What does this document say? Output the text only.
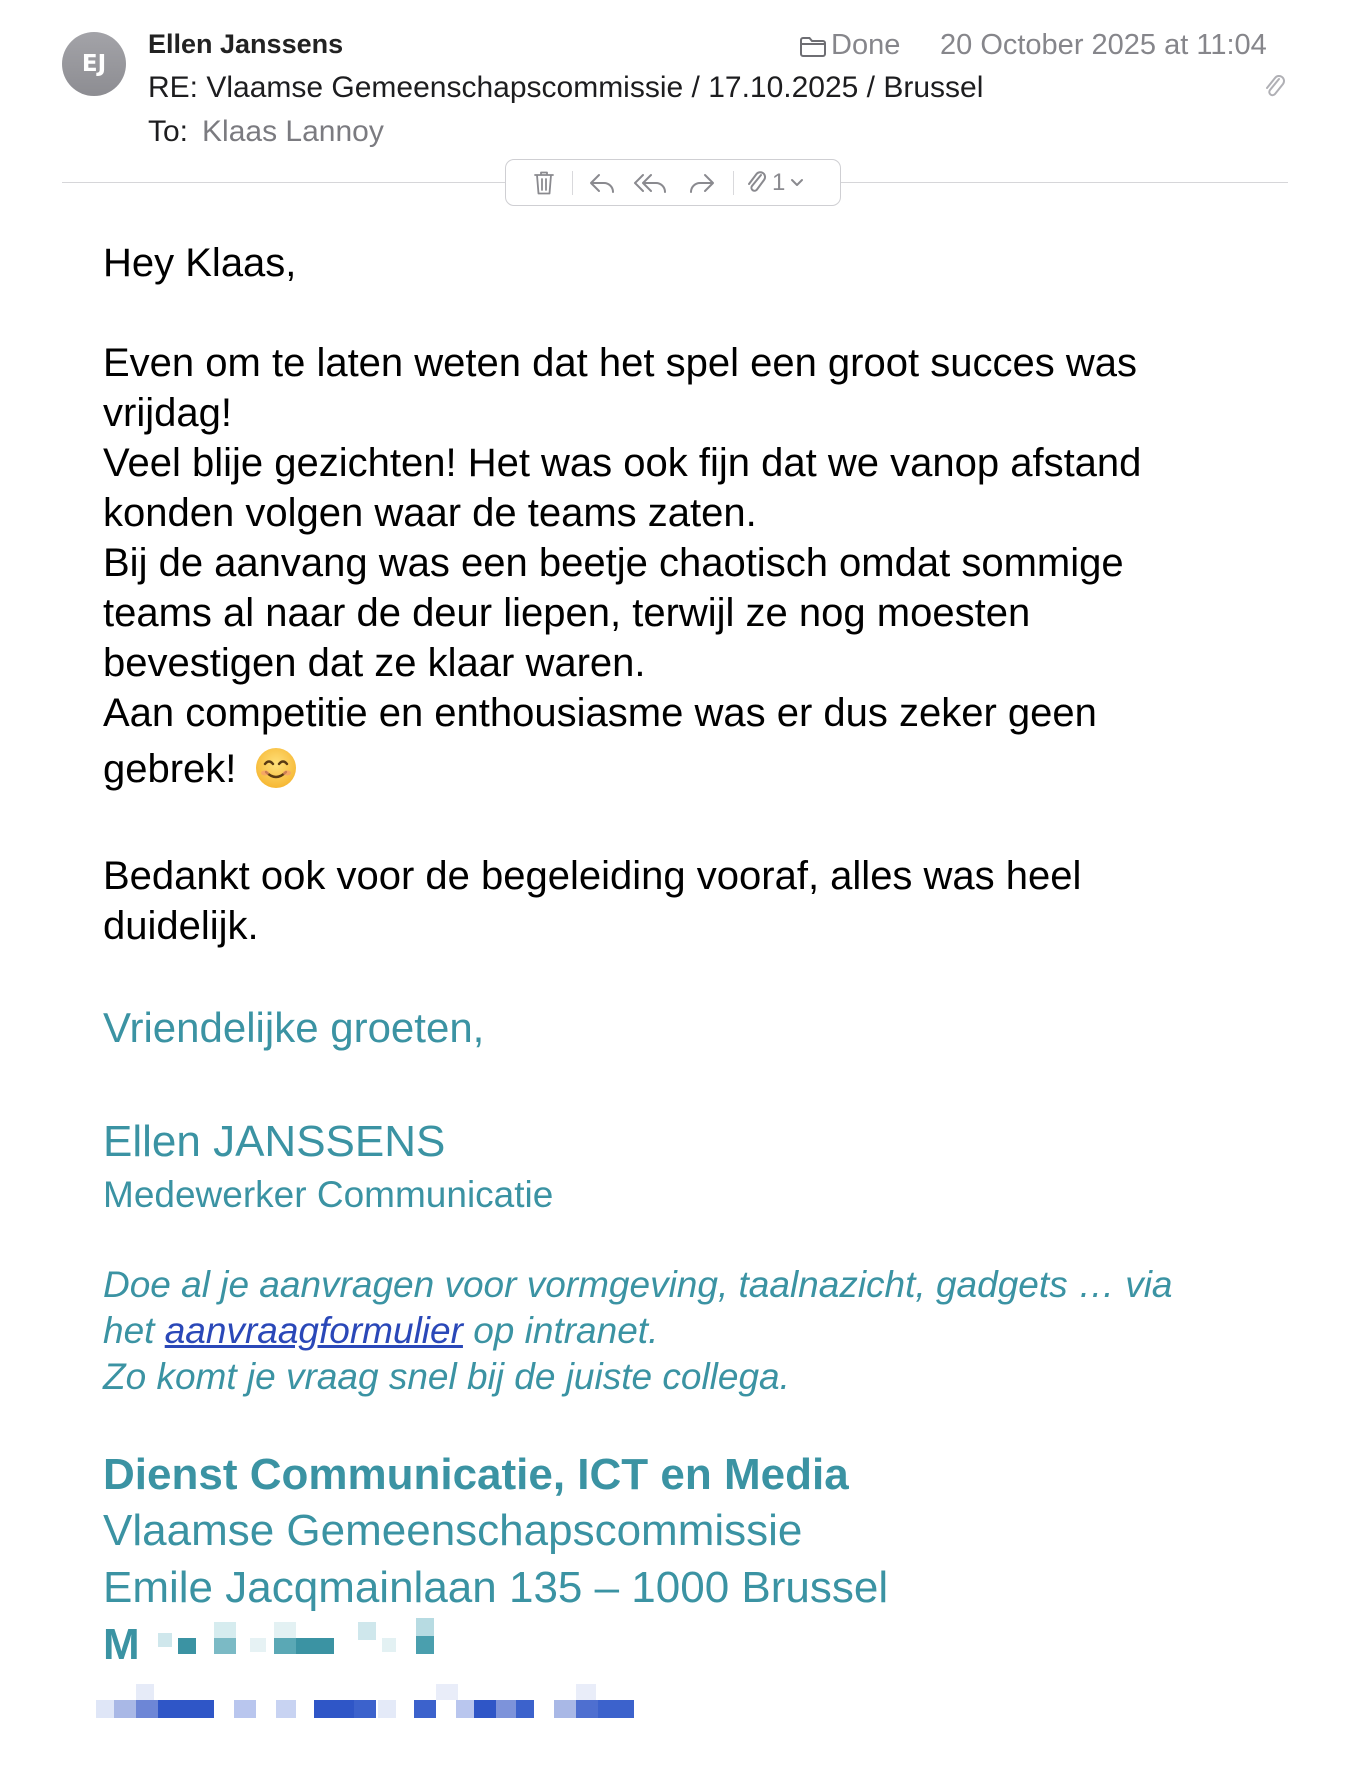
EJ
Ellen Janssens
RE: Vlaamse Gemeenschapscommissie / 17.10.2025 / Brussel
To: Klaas Lannoy
Done 20 October 2025 at 11:04
1
Hey Klaas,
Even om te laten weten dat het spel een groot succes was
vrijdag!
Veel blije gezichten! Het was ook fijn dat we vanop afstand
konden volgen waar de teams zaten.
Bij de aanvang was een beetje chaotisch omdat sommige
teams al naar de deur liepen, terwijl ze nog moesten
bevestigen dat ze klaar waren.
Aan competitie en enthousiasme was er dus zeker geen
gebrek!
Bedankt ook voor de begeleiding vooraf, alles was heel
duidelijk.
Vriendelijke groeten,
Ellen JANSSENS
Medewerker Communicatie
Doe al je aanvragen voor vormgeving, taalnazicht, gadgets … via
het aanvraagformulier op intranet.
Zo komt je vraag snel bij de juiste collega.
Dienst Communicatie, ICT en Media
Vlaamse Gemeenschapscommissie
Emile Jacqmainlaan 135 – 1000 Brussel
M
